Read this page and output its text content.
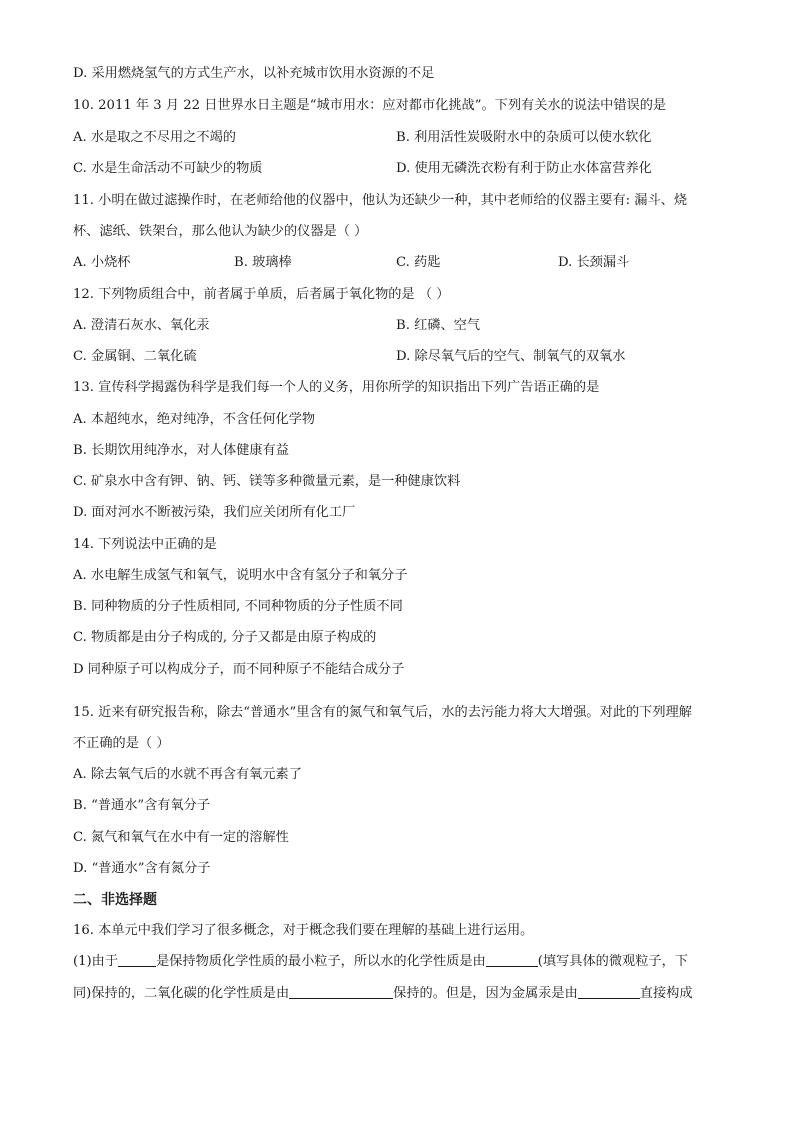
D. 采用燃烧氢气的方式生产水，以补充城市饮用水资源的不足
10. 2011 年 3 月 22 日世界水日主题是“城市用水：应对都市化挑战”。下列有关水的说法中错误的是
A. 水是取之不尽用之不竭的	B. 利用活性炭吸附水中的杂质可以使水软化
C. 水是生命活动不可缺少的物质	D. 使用无磷洗衣粉有利于防止水体富营养化
11. 小明在做过滤操作时，在老师给他的仪器中，他认为还缺少一种，其中老师给的仪器主要有: 漏斗、烧
杯、滤纸、铁架台，那么他认为缺少的仪器是（ ）
A. 小烧杯	B. 玻璃棒	C. 药匙	D. 长颈漏斗
12. 下列物质组合中，前者属于单质，后者属于氧化物的是 （ ）
A. 澄清石灰水、氧化汞	B. 红磷、空气
C. 金属铜、二氧化硫	D. 除尽氧气后的空气、制氧气的双氧水
13. 宣传科学揭露伪科学是我们每一个人的义务，用你所学的知识指出下列广告语正确的是
A. 本超纯水，绝对纯净，不含任何化学物
B. 长期饮用纯净水，对人体健康有益
C. 矿泉水中含有钾、钠、钙、镁等多种微量元素，是一种健康饮料
D. 面对河水不断被污染，我们应关闭所有化工厂
14. 下列说法中正确的是
A. 水电解生成氢气和氧气，说明水中含有氢分子和氧分子
B. 同种物质的分子性质相同, 不同种物质的分子性质不同
C. 物质都是由分子构成的, 分子又都是由原子构成的
D 同种原子可以构成分子，而不同种原子不能结合成分子
15. 近来有研究报告称，除去“普通水”里含有的氮气和氧气后，水的去污能力将大大增强。对此的下列理解
不正确的是（ ）
A. 除去氧气后的水就不再含有氧元素了
B. “普通水”含有氧分子
C. 氮气和氧气在水中有一定的溶解性
D. “普通水”含有氮分子
二、非选择题
16. 本单元中我们学习了很多概念，对于概念我们要在理解的基础上进行运用。
(1)由于	是保持物质化学性质的最小粒子，所以水的化学性质是由	(填写具体的微观粒子，下
同)保持的，二氧化碳的化学性质是由	保持的。但是，因为金属汞是由	直接构成
